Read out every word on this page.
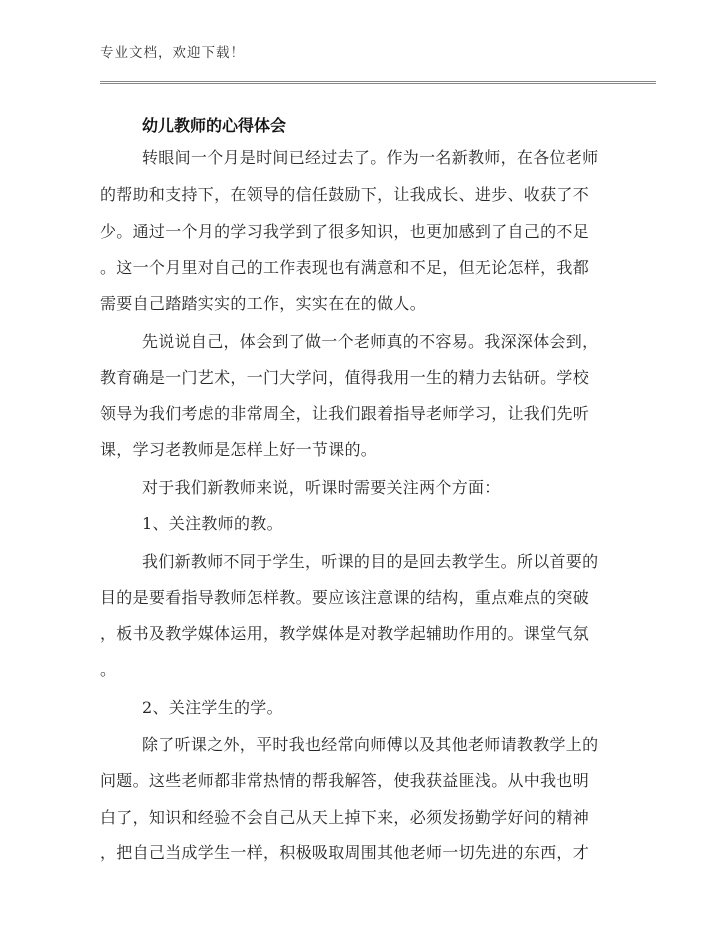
专业文档，欢迎下载！
幼儿教师的心得体会
转眼间一个月是时间已经过去了。作为一名新教师，在各位老师
的帮助和支持下，在领导的信任鼓励下，让我成长、进步、收获了不
少。通过一个月的学习我学到了很多知识，也更加感到了自己的不足
。这一个月里对自己的工作表现也有满意和不足，但无论怎样，我都
需要自己踏踏实实的工作，实实在在的做人。
先说说自己，体会到了做一个老师真的不容易。我深深体会到，
教育确是一门艺术，一门大学问，值得我用一生的精力去钻研。学校
领导为我们考虑的非常周全，让我们跟着指导老师学习，让我们先听
课，学习老教师是怎样上好一节课的。
对于我们新教师来说，听课时需要关注两个方面：
1、关注教师的教。
我们新教师不同于学生，听课的目的是回去教学生。所以首要的
目的是要看指导教师怎样教。要应该注意课的结构，重点难点的突破
，板书及教学媒体运用，教学媒体是对教学起辅助作用的。课堂气氛
。
2、关注学生的学。
除了听课之外，平时我也经常向师傅以及其他老师请教教学上的
问题。这些老师都非常热情的帮我解答，使我获益匪浅。从中我也明
白了，知识和经验不会自己从天上掉下来，必须发扬勤学好问的精神
，把自己当成学生一样，积极吸取周围其他老师一切先进的东西，才
